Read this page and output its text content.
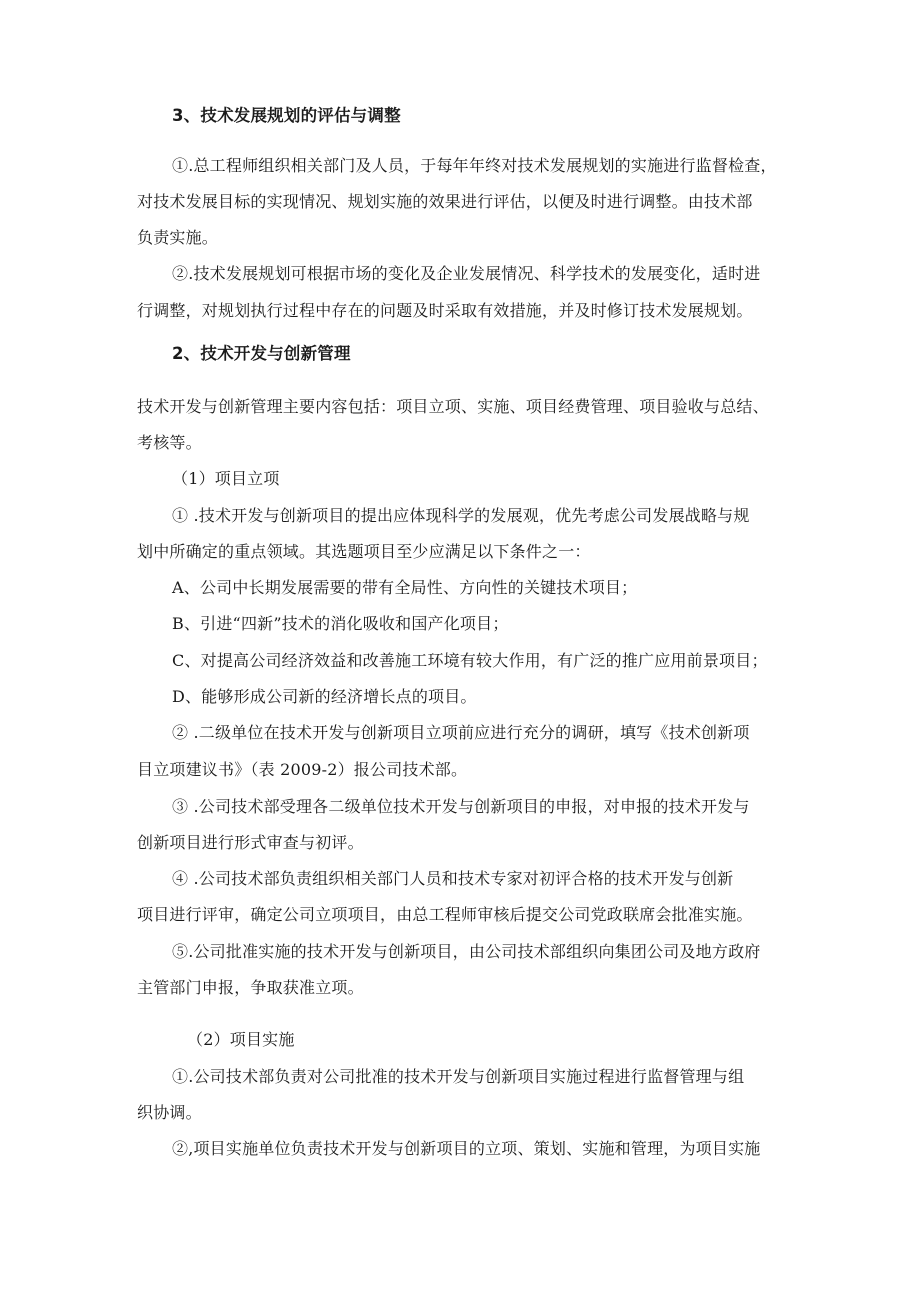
3、技术发展规划的评估与调整
①.总工程师组织相关部门及人员，于每年年终对技术发展规划的实施进行监督检查，
对技术发展目标的实现情况、规划实施的效果进行评估，以便及时进行调整。由技术部
负责实施。
②.技术发展规划可根据市场的变化及企业发展情况、科学技术的发展变化，适时进
行调整，对规划执行过程中存在的问题及时采取有效措施，并及时修订技术发展规划。
2、技术开发与创新管理
技术开发与创新管理主要内容包括：项目立项、实施、项目经费管理、项目验收与总结、
考核等。
（1）项目立项
① .技术开发与创新项目的提出应体现科学的发展观，优先考虑公司发展战略与规
划中所确定的重点领域。其选题项目至少应满足以下条件之一：
A、公司中长期发展需要的带有全局性、方向性的关键技术项目；
B、引进“四新”技术的消化吸收和国产化项目；
C、对提高公司经济效益和改善施工环境有较大作用，有广泛的推广应用前景项目；
D、能够形成公司新的经济增长点的项目。
② .二级单位在技术开发与创新项目立项前应进行充分的调研，填写《技术创新项
目立项建议书》（表 2009-2）报公司技术部。
③ .公司技术部受理各二级单位技术开发与创新项目的申报，对申报的技术开发与
创新项目进行形式审查与初评。
④ .公司技术部负责组织相关部门人员和技术专家对初评合格的技术开发与创新
项目进行评审，确定公司立项项目，由总工程师审核后提交公司党政联席会批准实施。
⑤.公司批准实施的技术开发与创新项目，由公司技术部组织向集团公司及地方政府
主管部门申报，争取获准立项。
（2）项目实施
①.公司技术部负责对公司批准的技术开发与创新项目实施过程进行监督管理与组
织协调。
②,项目实施单位负责技术开发与创新项目的立项、策划、实施和管理，为项目实施
